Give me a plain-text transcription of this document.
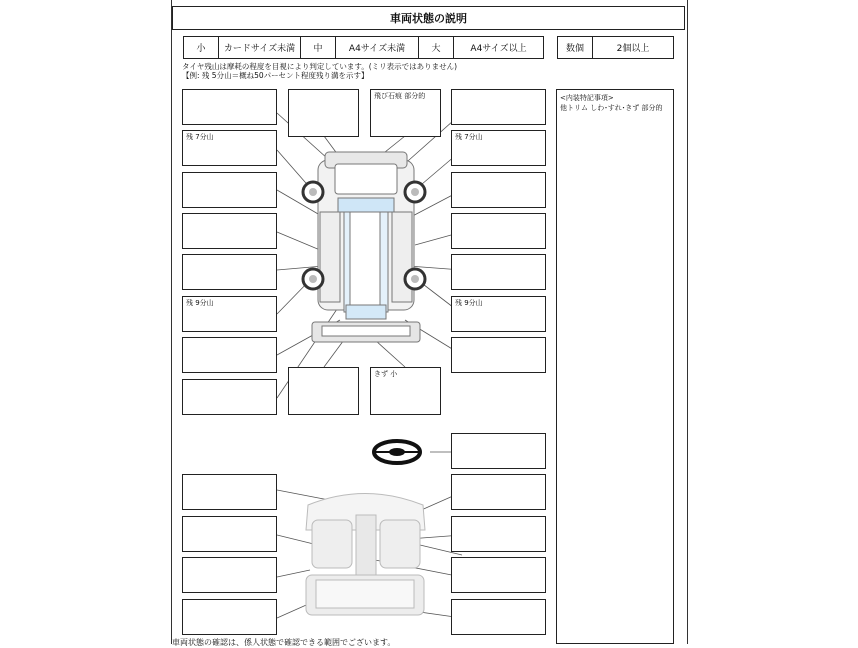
車両状態の説明
小	カードサイズ未満	中	A4サイズ未満	大	A4サイズ以上	数個	2個以上
タイヤ残山は摩耗の程度を目視により判定しています。(ミリ表示ではありません)
【例: 残 5分山＝概ね50パーセント程度残り溝を示す】
<内装特記事項>
他トリム しわ･すれ･きず 部分的
残 7分山
残 9分山
飛び石痕 部分的
きず 小
残 7分山
残 9分山
車両状態の確認は、係人状態で確認できる範囲でございます。
